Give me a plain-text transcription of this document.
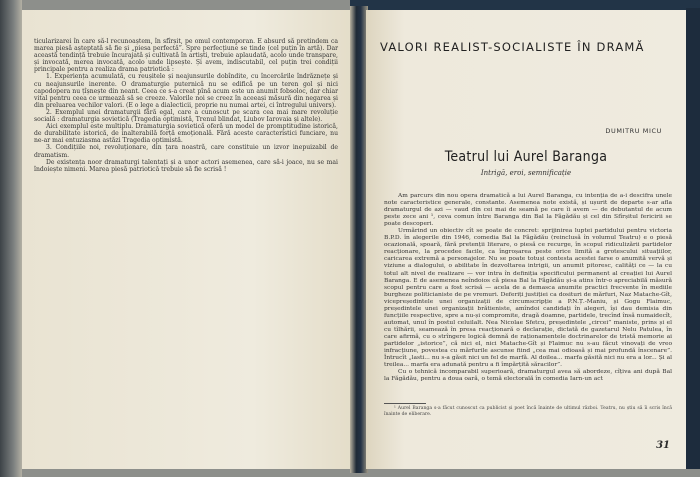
ticularizarei în care să-l recunoaștem, în sfîrșit, pe omul contemporan. E absurd să pretindem ca marea piesă așteptată să fie și „piesa perfectă”. Spre perfecțiune se tinde (cel puțin în artă). Dar această tendință trebuie încurajată și cultivată în artiști, trebuie aplaudată, acolo unde transpare, și invocată, merea invocată, acolo unde lipsește. Și avem, indiscutabil, cel puțin trei condiții principale pentru a realiza drama patriotică :

1. Experiența acumulată, cu reușitele și neajunsurile dobîndite, cu încercările îndrăznețe și cu neajunsurile inerente. O dramaturgie puternică nu se edifică pe un teren gol și nici capodopera nu țîșnește din neant. Ceea ce s-a creat pînă acum este un anumit fobsoloc, dar chiar vital pentru ceea ce urmează să se creeze. Valorile noi se creez în aceeași măsură din negarea și din preluarea vechilor valori. (E o lege a dialecticii, proprie nu numai artei, ci întregului univers).

2. Exemplul unei dramaturgii fără egal, care a cunoscut pe scara cea mai mare revoluție socială : dramaturgia sovietică (Tragedia optimistă, Trenul blindat, Liubov Iarovaia și altele).

Aici exemplul este multiplu. Dramaturgia sovietică oferă un model de promptitudine istorică, de durabilitate istorică, de inalterabilă forță emoțională. Fără aceste caracteristici funciare, nu ne-ar mai entuziasma astăzi Tragedia optimistă.

3. Condițiile noi, revoluționare, din țara noastră, care constituie un izvor inepuizabil de dramatism.

De existența noor dramaturgi talentați și a unor actori asemenea, care să-i joace, nu se mai îndoiește nimeni. Marea piesă patriotică trebuie să fie scrisă !

VALORI REALIST-SOCIALISTE ÎN DRAMĂ
DUMITRU MICU
Teatrul lui Aurel Baranga
Intrigă, eroi, semnificație

Am parcurs din nou opera dramatică a lui Aurel Baranga, cu intenția de a-i descifra unele note caracteristice generale, constante. Asemenea note există, și ușurit de departe s-ar afla dramaturgul de azi — vaud din cei mai de seamă pe care îi avem — de debutantul de acum peste zece ani ¹, ceva comun între Baranga din Bal la Făgădău și cel din Sfîrșitul fericirii se poate descoperi.

Urmărind un obiectiv cît se poate de concret: sprijinirea luptei partidului pentru victoria B.P.D. în alegerile din 1946, comedia Bal la Făgădău (reinclusă în volumul Teatru) e o piesă ocazională, spoară, fără pretenții literare, o piesă ce recurge, în scopul ridiculizării partidelor reacționare, la procedee facile, ca îngroșarea peste orice limită a grotescului situațiilor, caricarea extremă a personajelor. Nu se poate totuși contesta acestei farse o anumită vervă și viziune a dialogului, o abilitate în dezvoltarea intrigii, un anumit pitoresc, calități ce — la cu totul alt nivel de realizare — vor intra în definiția specificului permanent al creației lui Aurel Baranga. E de asemenea neîndoios că piesa Bal la Făgădău și-a atins într-o apreciabilă măsură scopul pentru care a fost scrisă — acela de a demasca anumite practici frecvente în mediile burgheze politicianiste de pe vremuri. Deferiți justiției ca dosituri de mărfuri, Naz Matache-Gît, vicepreședintele unei organizații de circumscripție a P.N.Ț.-Maniu, și Gogu Flaimuc, președintele unei organizații brătieniste, amîndoi candidați în alegeri, își dau demisia din funcțiile respective, spre a nu-și compromite, dragă doamne, partidele, trecînd însă numaidecît, automat, unul în postul celuilalt. Nea Nicolae Sfetcu, președintele „circei” maniste, prins și el cu tîlhării, seamează în presa reacționară o declarație, dictată de gazetarul Nelu Patulea, în care afirmă, cu o strîngere logică demnă de raționamentele doctrinarelor de tristă memorie ai partidelor „istorice”, că nici el, nici Matache-Gît și Flaimuc nu s-au făcut vinovați de vreo infracțiune, povestea cu mărfurile ascunse fiind „cea mai odioasă și mai profundă înscenare”. Întrucît „lasti... nu s-a găsit nici un fel de marfă. Al doilea... marfa găsită nici nu era a lor... Și al treilea... marfa era adunată pentru a fi împărțită săracilor”.

Cu o tehnică incomparabil superioară, dramaturgul avea să abordeze, cîțiva ani după Bal la Făgădău, pentru a doua oară, o temă electorală în comedia Iarn-un act

¹ Aurel Baranga s-a făcut cunoscut ca publicist și poet încă înainte de ultimul război. Teatru, nu știu să îi scris încă înainte de eliberare.

31
